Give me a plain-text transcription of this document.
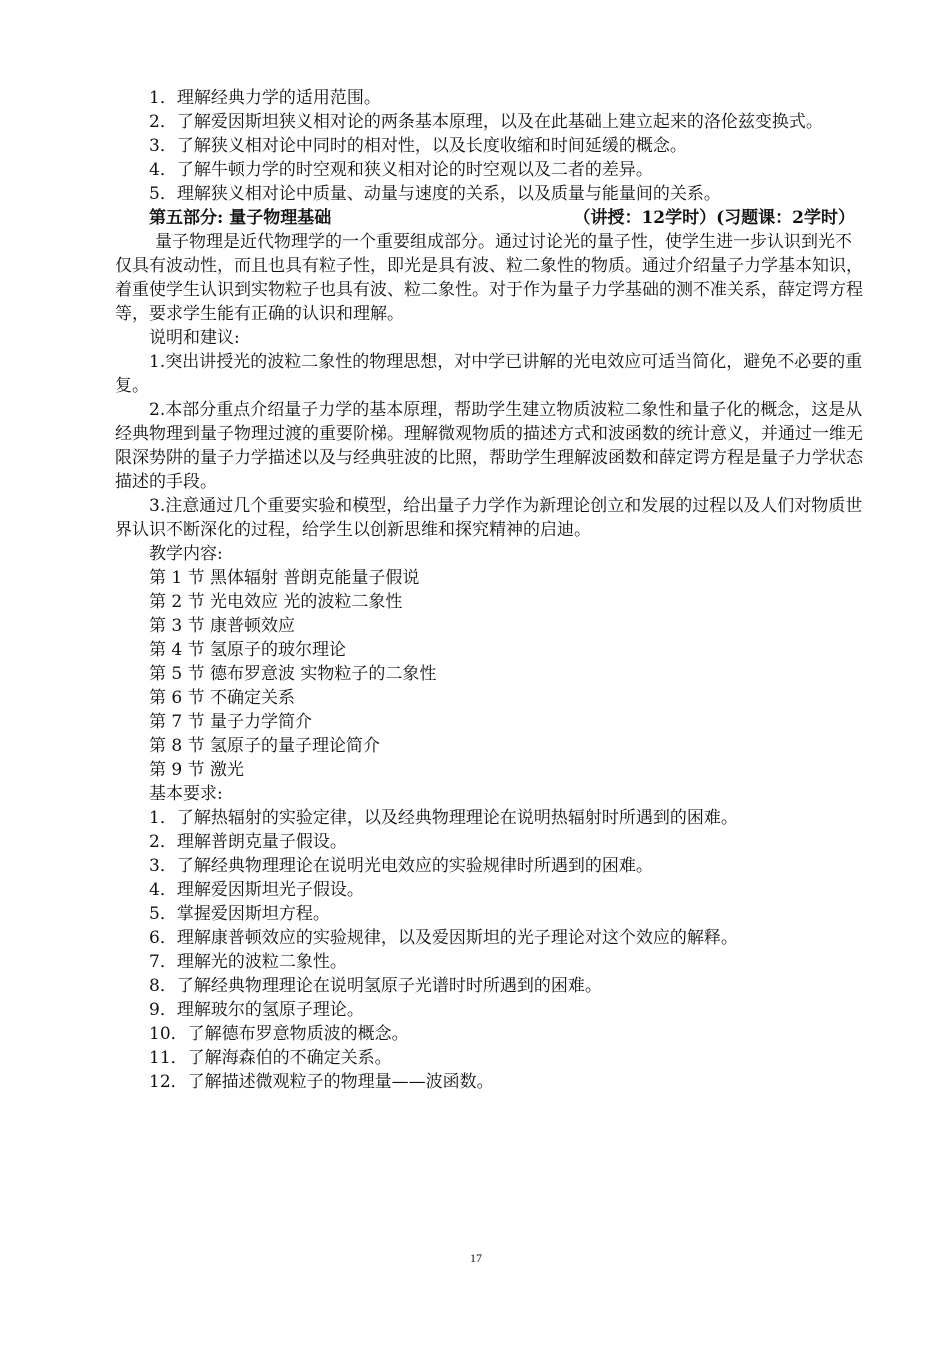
1．理解经典力学的适用范围。

2．了解爱因斯坦狭义相对论的两条基本原理，以及在此基础上建立起来的洛伦兹变换式。

3．了解狭义相对论中同时的相对性，以及长度收缩和时间延缓的概念。

4．了解牛顿力学的时空观和狭义相对论的时空观以及二者的差异。

5．理解狭义相对论中质量、动量与速度的关系，以及质量与能量间的关系。

第五部分: 量子物理基础	（讲授：12学时）(习题课：2学时）

量子物理是近代物理学的一个重要组成部分。通过讨论光的量子性，使学生进一步认识到光不仅具有波动性，而且也具有粒子性，即光是具有波、粒二象性的物质。通过介绍量子力学基本知识，着重使学生认识到实物粒子也具有波、粒二象性。对于作为量子力学基础的测不准关系，薛定谔方程等，要求学生能有正确的认识和理解。

说明和建议:

1.突出讲授光的波粒二象性的物理思想，对中学已讲解的光电效应可适当简化，避免不必要的重复。

2.本部分重点介绍量子力学的基本原理，帮助学生建立物质波粒二象性和量子化的概念，这是从经典物理到量子物理过渡的重要阶梯。理解微观物质的描述方式和波函数的统计意义，并通过一维无限深势阱的量子力学描述以及与经典驻波的比照，帮助学生理解波函数和薛定谔方程是量子力学状态描述的手段。

3.注意通过几个重要实验和模型，给出量子力学作为新理论创立和发展的过程以及人们对物质世界认识不断深化的过程，给学生以创新思维和探究精神的启迪。

教学内容:

第 1 节 黑体辐射 普朗克能量子假说

第 2 节 光电效应 光的波粒二象性

第 3 节 康普顿效应

第 4 节 氢原子的玻尔理论

第 5 节 德布罗意波 实物粒子的二象性

第 6 节 不确定关系

第 7 节 量子力学简介

第 8 节 氢原子的量子理论简介

第 9 节 激光

基本要求:

1．了解热辐射的实验定律，以及经典物理理论在说明热辐射时所遇到的困难。

2．理解普朗克量子假设。

3．了解经典物理理论在说明光电效应的实验规律时所遇到的困难。

4．理解爱因斯坦光子假设。

5．掌握爱因斯坦方程。

6．理解康普顿效应的实验规律，以及爱因斯坦的光子理论对这个效应的解释。

7．理解光的波粒二象性。

8．了解经典物理理论在说明氢原子光谱时时所遇到的困难。

9．理解玻尔的氢原子理论。

10．了解德布罗意物质波的概念。

11．了解海森伯的不确定关系。

12．了解描述微观粒子的物理量——波函数。

17
